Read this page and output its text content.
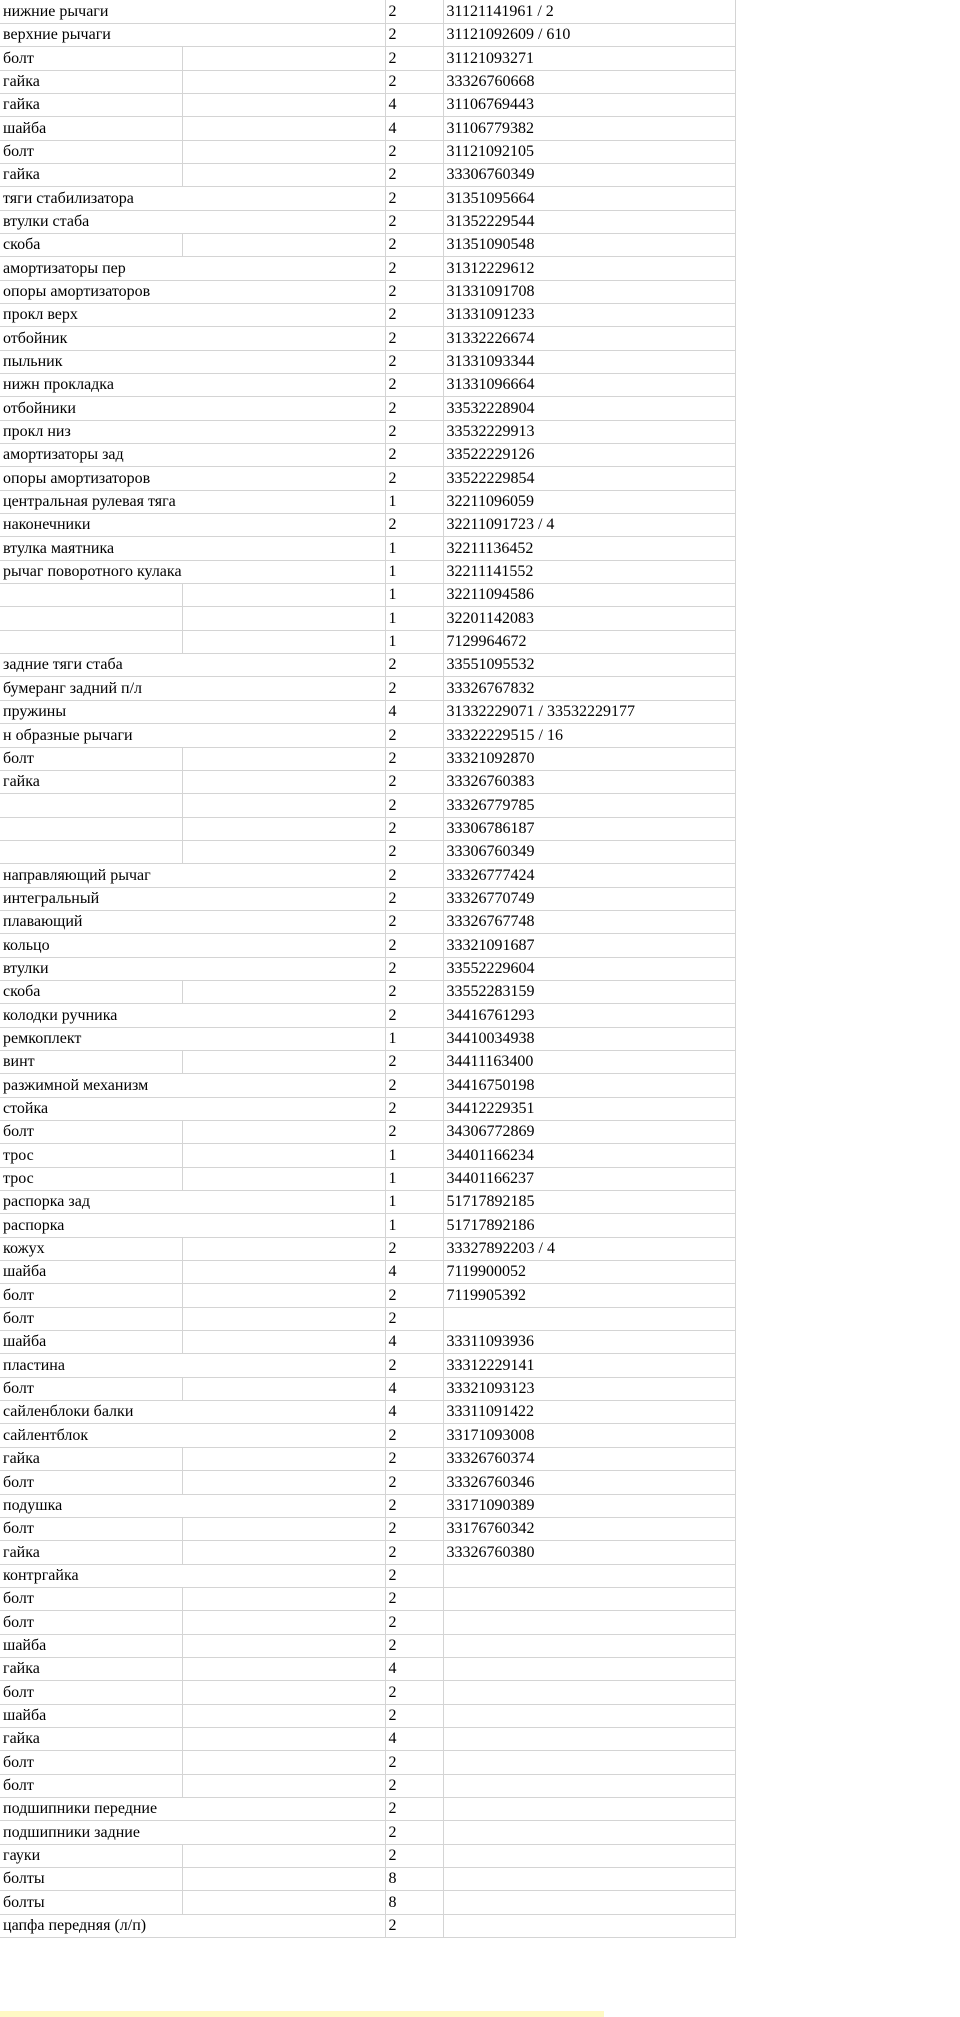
нижние рычаги		2	31121141961 / 2
верхние рычаги		2	31121092609 / 610
болт		2	31121093271
гайка		2	33326760668
гайка		4	31106769443
шайба		4	31106779382
болт		2	31121092105
гайка		2	33306760349
тяги стабилизатора		2	31351095664
втулки стаба		2	31352229544
скоба		2	31351090548
амортизаторы пер		2	31312229612
опоры амортизаторов		2	31331091708
прокл верх		2	31331091233
отбойник		2	31332226674
пыльник		2	31331093344
нижн прокладка		2	31331096664
отбойники		2	33532228904
прокл низ		2	33532229913
амортизаторы зад		2	33522229126
опоры амортизаторов		2	33522229854
центральная рулевая тяга		1	32211096059
наконечники		2	32211091723 / 4
втулка маятника		1	32211136452
рычаг поворотного кулака		1	32211141552
		1	32211094586
		1	32201142083
		1	7129964672
задние тяги стаба		2	33551095532
бумеранг задний п/л		2	33326767832
пружины		4	31332229071 / 33532229177
н образные рычаги		2	33322229515 / 16
болт		2	33321092870
гайка		2	33326760383
		2	33326779785
		2	33306786187
		2	33306760349
направляющий рычаг		2	33326777424
интегральный		2	33326770749
плавающий		2	33326767748
кольцо		2	33321091687
втулки		2	33552229604
скоба		2	33552283159
колодки ручника		2	34416761293
ремкоплект		1	34410034938
винт		2	34411163400
разжимной механизм		2	34416750198
стойка		2	34412229351
болт		2	34306772869
трос		1	34401166234
трос		1	34401166237
распорка зад		1	51717892185
распорка		1	51717892186
кожух		2	33327892203 / 4
шайба		4	7119900052
болт		2	7119905392
болт		2	
шайба		4	33311093936
пластина		2	33312229141
болт		4	33321093123
сайленблоки балки		4	33311091422
сайлентблок		2	33171093008
гайка		2	33326760374
болт		2	33326760346
подушка		2	33171090389
болт		2	33176760342
гайка		2	33326760380
контргайка		2	
болт		2	
болт		2	
шайба		2	
гайка		4	
болт		2	
шайба		2	
гайка		4	
болт		2	
болт		2	
подшипники передние		2	
подшипники задние		2	
гауки		2	
болты		8	
болты		8	
цапфа передняя (л/п)		2	
